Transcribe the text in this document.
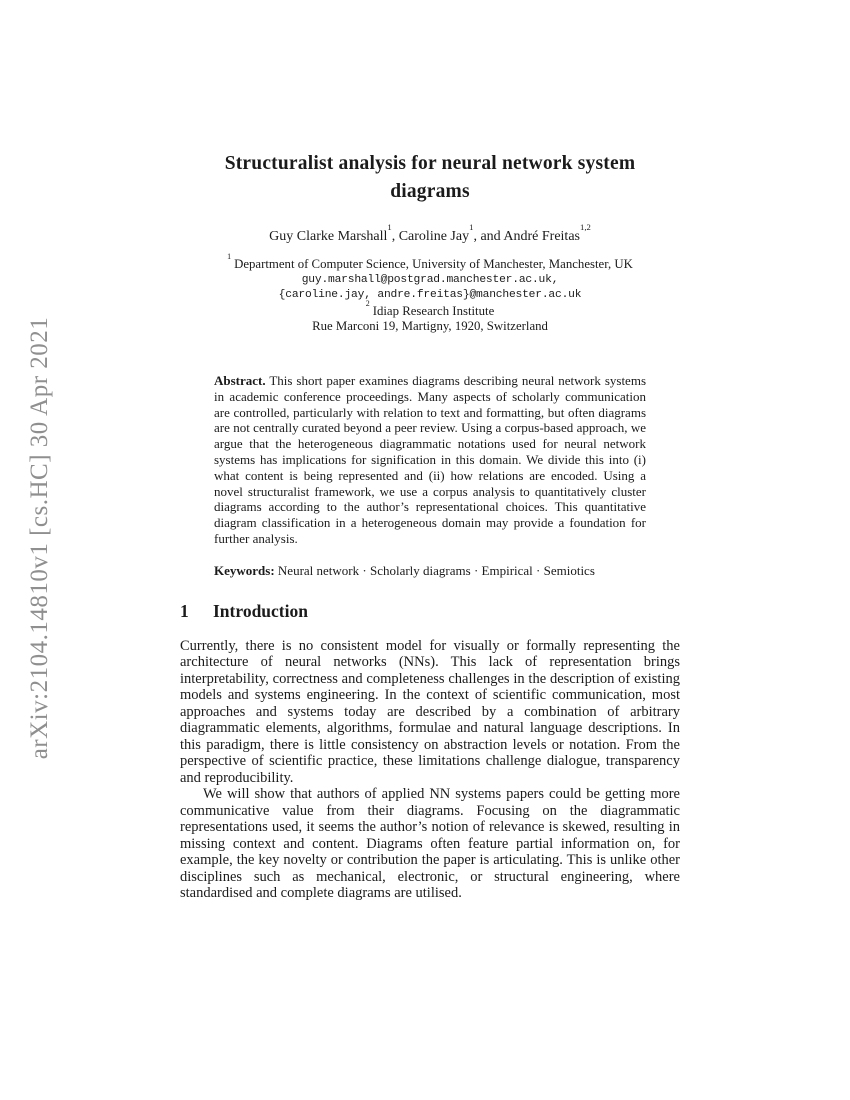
arXiv:2104.14810v1 [cs.HC] 30 Apr 2021
Structuralist analysis for neural network system
diagrams
Guy Clarke Marshall$^1$, Caroline Jay$^1$, and André Freitas$^{1,2}$
$^1$Department of Computer Science, University of Manchester, Manchester, UK
guy.marshall@postgrad.manchester.ac.uk,
{caroline.jay, andre.freitas}@manchester.ac.uk
$^2$Idiap Research Institute
Rue Marconi 19, Martigny, 1920, Switzerland
Abstract. This short paper examines diagrams describing neural network systems in academic conference proceedings. Many aspects of scholarly communication are controlled, particularly with relation to text and formatting, but often diagrams are not centrally curated beyond a peer review. Using a corpus-based approach, we argue that the heterogeneous diagrammatic notations used for neural network systems has implications for signification in this domain. We divide this into (i) what content is being represented and (ii) how relations are encoded. Using a novel structuralist framework, we use a corpus analysis to quantitatively cluster diagrams according to the author’s representational choices. This quantitative diagram classification in a heterogeneous domain may provide a foundation for further analysis.
Keywords: Neural network · Scholarly diagrams · Empirical · Semiotics
1 Introduction

Currently, there is no consistent model for visually or formally representing the architecture of neural networks (NNs). This lack of representation brings interpretability, correctness and completeness challenges in the description of existing models and systems engineering. In the context of scientific communication, most approaches and systems today are described by a combination of arbitrary diagrammatic elements, algorithms, formulae and natural language descriptions. In this paradigm, there is little consistency on abstraction levels or notation. From the perspective of scientific practice, these limitations challenge dialogue, transparency and reproducibility.

We will show that authors of applied NN systems papers could be getting more communicative value from their diagrams. Focusing on the diagrammatic representations used, it seems the author’s notion of relevance is skewed, resulting in missing context and content. Diagrams often feature partial information on, for example, the key novelty or contribution the paper is articulating. This is unlike other disciplines such as mechanical, electronic, or structural engineering, where standardised and complete diagrams are utilised.
